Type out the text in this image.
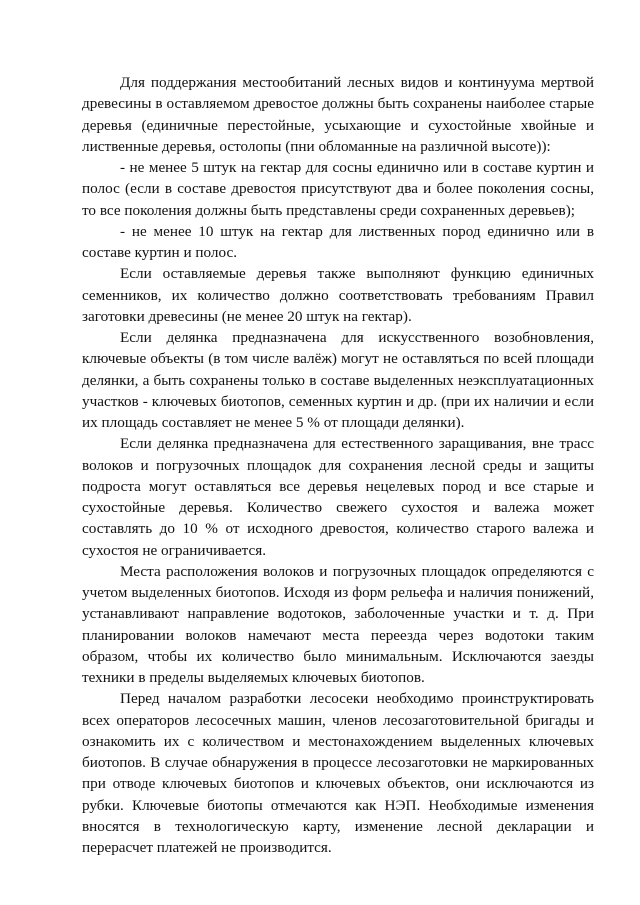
Для поддержания местообитаний лесных видов и континуума мертвой древесины в оставляемом древостое должны быть сохранены наиболее старые деревья (единичные перестойные, усыхающие и сухостойные хвойные и лиственные деревья, остолопы (пни обломанные на различной высоте)):

- не менее 5 штук на гектар для сосны единично или в составе куртин и полос (если в составе древостоя присутствуют два и более поколения сосны, то все поколения должны быть представлены среди сохраненных деревьев);

- не менее 10 штук на гектар для лиственных пород единично или в составе куртин и полос.

Если оставляемые деревья также выполняют функцию единичных семенников, их количество должно соответствовать требованиям Правил заготовки древесины (не менее 20 штук на гектар).

Если делянка предназначена для искусственного возобновления, ключевые объекты (в том числе валёж) могут не оставляться по всей площади делянки, а быть сохранены только в составе выделенных неэксплуатационных участков - ключевых биотопов, семенных куртин и др. (при их наличии и если их площадь составляет не менее 5 % от площади делянки).

Если делянка предназначена для естественного заращивания, вне трасс волоков и погрузочных площадок для сохранения лесной среды и защиты подроста могут оставляться все деревья нецелевых пород и все старые и сухостойные деревья. Количество свежего сухостоя и валежа может составлять до 10 % от исходного древостоя, количество старого валежа и сухостоя не ограничивается.

Места расположения волоков и погрузочных площадок определяются с учетом выделенных биотопов. Исходя из форм рельефа и наличия понижений, устанавливают направление водотоков, заболоченные участки и т. д. При планировании волоков намечают места переезда через водотоки таким образом, чтобы их количество было минимальным. Исключаются заезды техники в пределы выделяемых ключевых биотопов.

Перед началом разработки лесосеки необходимо проинструктировать всех операторов лесосечных машин, членов лесозаготовительной бригады и ознакомить их с количеством и местонахождением выделенных ключевых биотопов. В случае обнаружения в процессе лесозаготовки не маркированных при отводе ключевых биотопов и ключевых объектов, они исключаются из рубки. Ключевые биотопы отмечаются как НЭП. Необходимые изменения вносятся в технологическую карту, изменение лесной декларации и перерасчет платежей не производится.
